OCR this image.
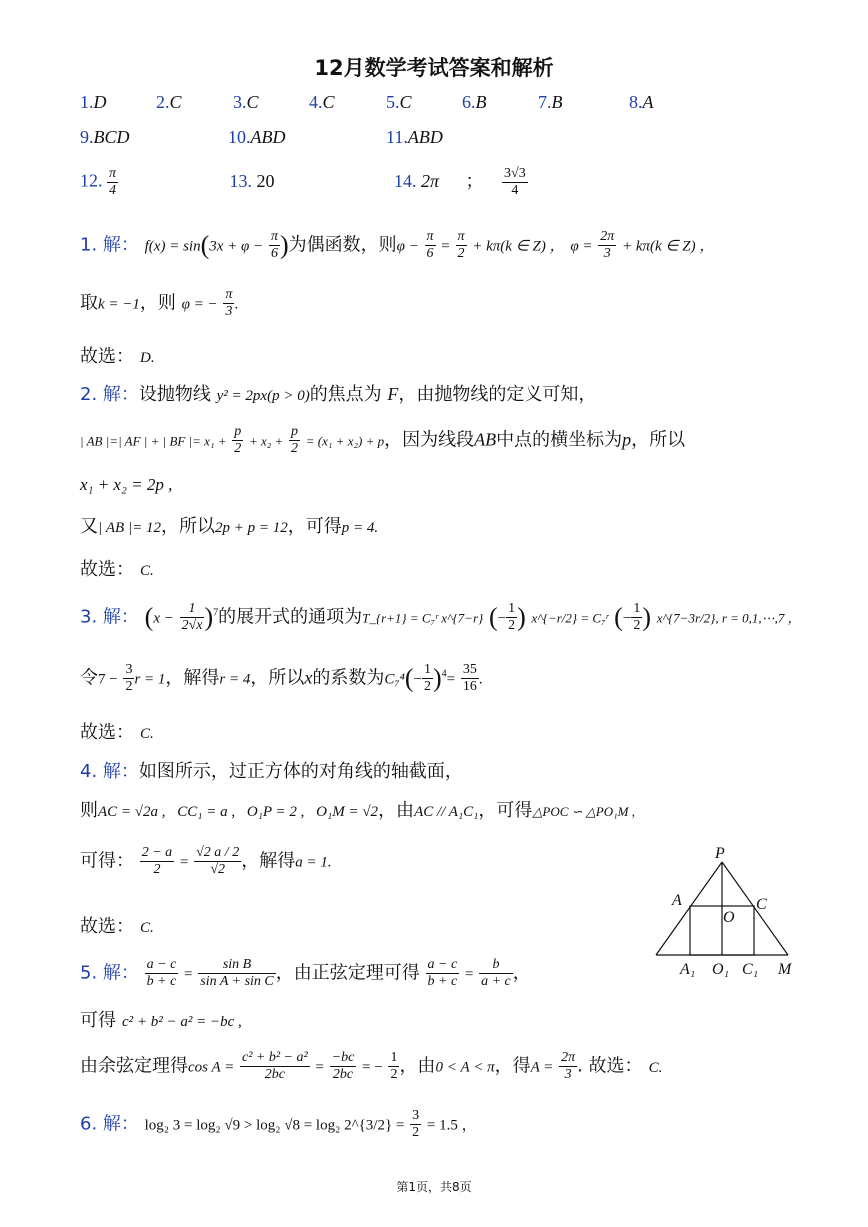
12月数学考试答案和解析
1.D	2.C	3.C	4.C	5.C	6.B	7.B	8.A
9.BCD	10.ABD	11.ABD
12. $\frac{\pi}{4}$	13. 20	14. 2π ； $\frac{3√3}{4}$
1. 解： $f(x) = \sin(3x + \varphi - \frac{\pi}{6}$ )为偶函数，则$\varphi - \frac{\pi}{6} = \frac{\pi}{2} + k\pi(k$ ∈ Z) ， $\varphi = \frac{2\pi}{3} + k\pi(k$ ∈ Z) ，
取k = −1，则 φ = − $\frac{\pi}{3}$ .
故选： D.
2. 解：设抛物线 y² = 2px(p > 0)的焦点为 F，由抛物线的定义可知，
| AB |=| AF | + | BF |= $x_1 + \frac{p}{2} + x_2 + \frac{p}{2} = (x_1 + x_2) + p$，因为线段AB中点的横坐标为p，所以
x₁ + x₂ = 2p ,
又| AB |= 12，所以2p + p = 12，可得p = 4.
故选： C.
3. 解： $(x - \frac{1}{2√x} )^7$的展开式的通项为T_{r+1} = C₇ʳ x^{7−r} (− $\frac{1}{2}$ ) x^{−r/2} = C₇ʳ (− $\frac{1}{2}$ ) x^{7−3r/2}, r = 0,1,⋯,7 ，
令$7 - \frac{3}{2}$ r = 1，解得r = 4，所以x的系数为$C_7^4(- \frac{1}{2} )^4= \frac{35}{16}$ .
故选： C.
4. 解：如图所示，过正方体的对角线的轴截面，
则AC = √2a , CC₁ = a , O₁P = 2 , O₁M = √2，由AC // A₁C₁，可得△POC ∽ △PO₁M ,
可得： $\frac{2 - a}{2} = \frac{√2 a / 2}{√2}$ ，解得a = 1.
故选： C.
P
A	C
O
A₁ O₁ C₁ M
5. 解： $\frac{a - c}{b + c} = \frac{\text{sin B}}{\text{sin A + sin C}}$ ，由正弦定理可得 $\frac{a - c}{b + c} = \frac{b}{a + c}$ ，
可得 c² + b² − a² = −bc ,
由余弦定理得$\cos A = \frac{\text{c² + b² − a²}}{2bc} = \frac{-bc}{2bc}$ = − $\frac{1}{2}$ ，由0 < A < π，得$A = \frac{2\pi}{3}$ . 故选： C.
6. 解： log₂ 3 = log₂ √9 > log₂ √8 = log₂ 2^{3/2} = $\frac{3}{2} = 1.5$ ，
第1页，共8页
